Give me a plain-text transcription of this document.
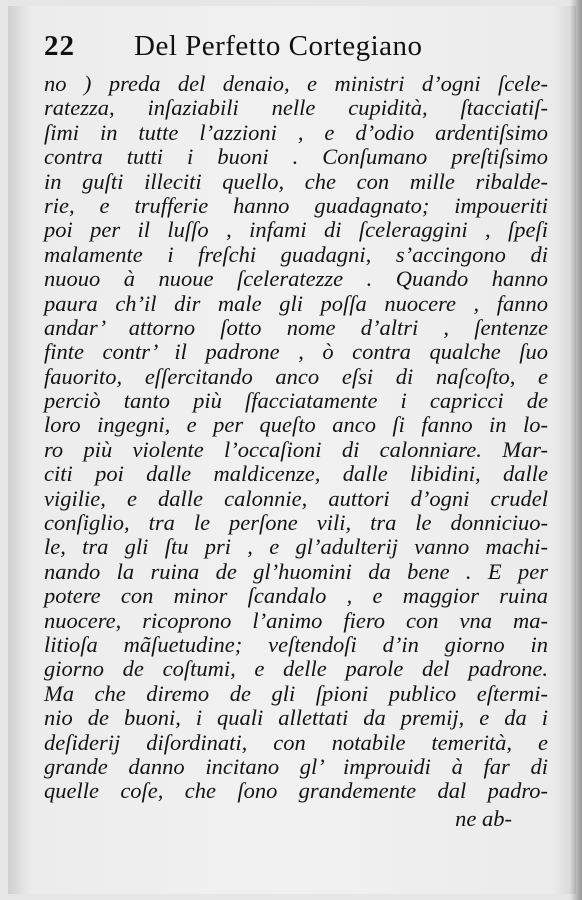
22 Del Perfetto Cortegiano
no ) preda del denaio, e ministri d’ogni ſcele-
ratezza, inſaziabili nelle cupidità, ſtacciatiſ-
ſimi in tutte l’azzioni , e d’odio ardentiſsimo
contra tutti i buoni . Conſumano preſtiſsimo
in guſti illeciti quello, che con mille ribalde-
rie, e trufferie hanno guadagnato; impoueriti
poi per il luſſo , infami di ſceleraggini , ſpeſi
malamente i freſchi guadagni, s’accingono di
nuouo à nuoue ſceleratezze . Quando hanno
paura ch’il dir male gli poſſa nuocere , fanno
andar’ attorno ſotto nome d’altri , ſentenze
finte contr’ il padrone , ò contra qualche ſuo
fauorito, eſſercitando anco eſsi di naſcoſto, e
perciò tanto più ſfacciatamente i capricci de
loro ingegni, e per queſto anco ſi fanno in lo-
ro più violente l’occaſioni di calonniare. Mar-
citi poi dalle maldicenze, dalle libidini, dalle
vigilie, e dalle calonnie, auttori d’ogni crudel
conſiglio, tra le perſone vili, tra le donniciuo-
le, tra gli ſtu pri , e gl’adulterij vanno machi-
nando la ruina de gl’huomini da bene . E per
potere con minor ſcandalo , e maggior ruina
nuocere, ricoprono l’animo fiero con vna ma-
litioſa mãſuetudine; veſtendoſi d’in giorno in
giorno de coſtumi, e delle parole del padrone.
Ma che diremo de gli ſpioni publico eſtermi-
nio de buoni, i quali allettati da premij, e da i
deſiderij diſordinati, con notabile temerità, e
grande danno incitano gl’ improuidi à far di
quelle coſe, che ſono grandemente dal padro-
ne ab-
